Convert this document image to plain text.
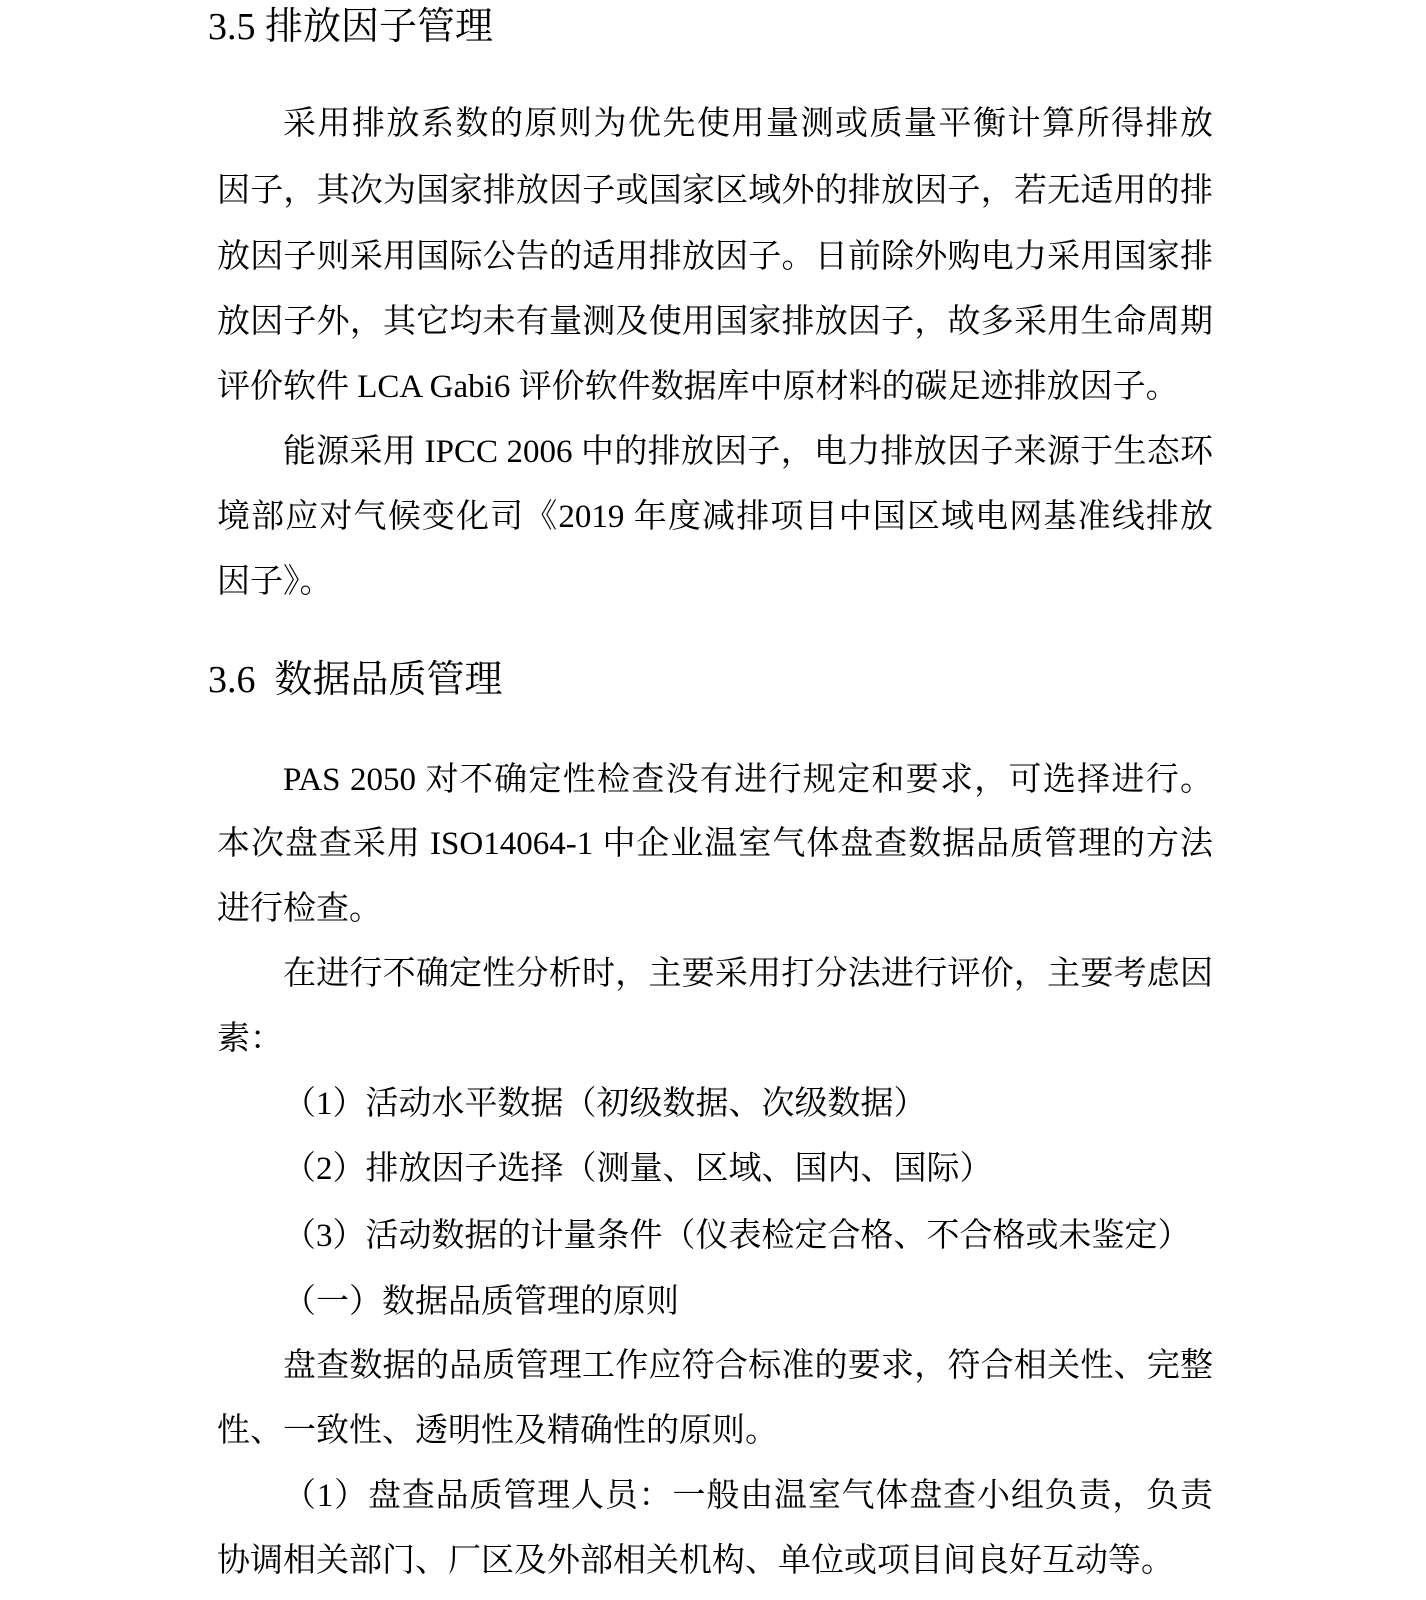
3.5 排放因子管理
采用排放系数的原则为优先使用量测或质量平衡计算所得排放
因子，其次为国家排放因子或国家区域外的排放因子，若无适用的排
放因子则采用国际公告的适用排放因子。日前除外购电力采用国家排
放因子外，其它均未有量测及使用国家排放因子，故多采用生命周期
评价软件 LCA Gabi6 评价软件数据库中原材料的碳足迹排放因子。
能源采用 IPCC 2006 中的排放因子，电力排放因子来源于生态环
境部应对气候变化司《2019 年度减排项目中国区域电网基准线排放
因子》。
3.6  数据品质管理
PAS 2050 对不确定性检查没有进行规定和要求，可选择进行。
本次盘查采用 ISO14064-1 中企业温室气体盘查数据品质管理的方法
进行检查。
在进行不确定性分析时，主要采用打分法进行评价，主要考虑因
素：
（1）活动水平数据（初级数据、次级数据）
（2）排放因子选择（测量、区域、国内、国际）
（3）活动数据的计量条件（仪表检定合格、不合格或未鉴定）
（一）数据品质管理的原则
盘查数据的品质管理工作应符合标准的要求，符合相关性、完整
性、一致性、透明性及精确性的原则。
（1）盘查品质管理人员：一般由温室气体盘查小组负责，负责
协调相关部门、厂区及外部相关机构、单位或项目间良好互动等。
